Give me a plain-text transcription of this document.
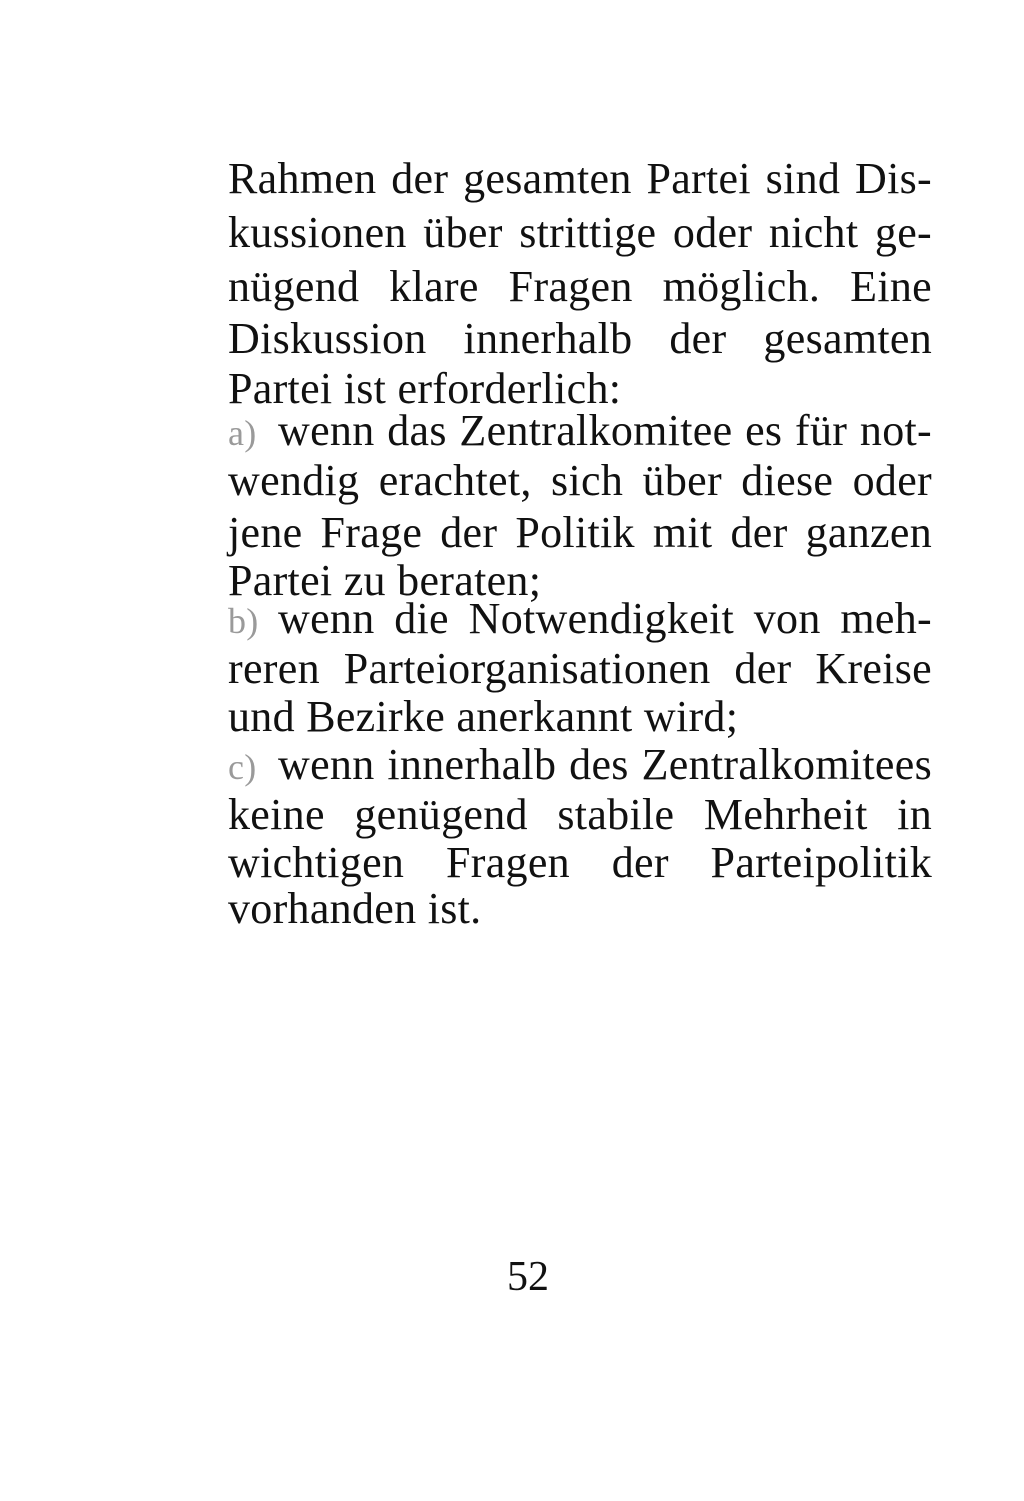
Rahmen der gesamten Partei sind Dis-
kussionen über strittige oder nicht ge-
nügend klare Fragen möglich. Eine
Diskussion innerhalb der gesamten
Partei ist erforderlich:
a) wenn das Zentralkomitee es für not-
wendig erachtet, sich über diese oder
jene Frage der Politik mit der ganzen
Partei zu beraten;
b) wenn die Notwendigkeit von meh-
reren Parteiorganisationen der Kreise
und Bezirke anerkannt wird;
c) wenn innerhalb des Zentralkomitees
keine genügend stabile Mehrheit in
wichtigen Fragen der Parteipolitik
vorhanden ist.
52
